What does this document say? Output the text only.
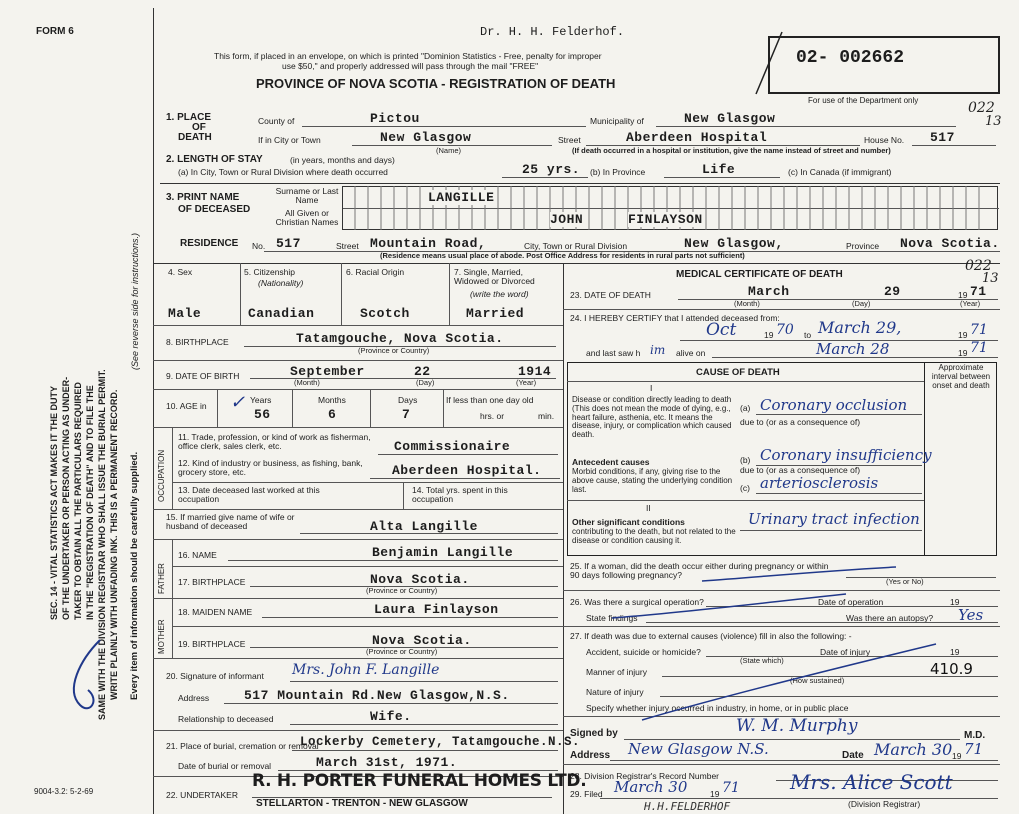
FORM 6
9004-3.2: 5-2-69
SEC. 14 - VITAL STATISTICS ACT MAKES IT THE DUTY OF THE UNDERTAKER OR PERSON ACTING AS UNDER- TAKER TO OBTAIN ALL THE PARTICULARS REQUIRED IN THE "REGISTRATION OF DEATH" AND TO FILE THE SAME WITH THE DIVISION REGISTRAR WHO SHALL ISSUE THE BURIAL PERMIT. WRITE PLAINLY WITH UNFADING INK. THIS IS A PERMANENT RECORD. Every item of information should be carefully supplied.
(See reverse side for instructions.)
Dr. H. H. Felderhof.
This form, if placed in an envelope, on which is printed "Dominion Statistics - Free, penalty for improper
use $50," and properly addressed will pass through the mail "FREE"
PROVINCE OF NOVA SCOTIA - REGISTRATION OF DEATH
02- 002662
For use of the Department only	022
13
1. PLACE
OF
DEATH
County of	Pictou	Municipality of	New Glasgow
If in City or Town	New Glasgow
(Name)
Street	Aberdeen Hospital	House No. 517
(If death occurred in a hospital or institution, give the name instead of street and number)
2. LENGTH OF STAY	(in years, months and days)
(a) In City, Town or Rural Division where death occurred	25 yrs. (b) In Province	Life	(c) In Canada (if immigrant)
3. PRINT NAME
OF DECEASED
Surname or Last Name
All Given or Christian Names
LANGILLE
JOHN	FINLAYSON
RESIDENCE No. 517	Street Mountain Road,	City, Town or Rural Division	New Glasgow,	Province Nova Scotia.
(Residence means usual place of abode. Post Office Address for residents in rural parts not sufficient)
4. Sex	5. Citizenship
(Nationality)
6. Racial Origin	7. Single, Married, Widowed or Divorced
(write the word)
Male	Canadian	Scotch	Married
8. BIRTHPLACE	Tatamgouche, Nova Scotia.
(Province or Country)
9. DATE OF BIRTH	September	22	1914
(Month)	(Day)	(Year)
10. AGE in
Years	Months	Days
✓
56	6	7
If less than one day old
hrs. or	min.
OCCUPATION
11. Trade, profession, or kind of work as fisherman, office clerk, sales clerk, etc.	Commissionaire
12. Kind of industry or business, as fishing, bank, grocery store, etc.	Aberdeen Hospital.
13. Date deceased last worked at this occupation
14. Total yrs. spent in this occupation
15. If married give name of wife or husband of deceased	Alta Langille
FATHER
16. NAME	Benjamin Langille
17. BIRTHPLACE	Nova Scotia.
(Province or Country)
MOTHER
18. MAIDEN NAME	Laura Finlayson
19. BIRTHPLACE	Nova Scotia.
(Province or Country)
20. Signature of informant Mrs. John F. Langille
Address	517 Mountain Rd.New Glasgow,N.S.
Relationship to deceased	Wife.
21. Place of burial, cremation or removal
Lockerby Cemetery, Tatamgouche.N.S.
Date of burial or removal	March 31st, 1971.
22. UNDERTAKER
R. H. PORTER FUNERAL HOMES LTD.
STELLARTON - TRENTON - NEW GLASGOW
MEDICAL CERTIFICATE OF DEATH
022
13
23. DATE OF DEATH	March	29	19 71
(Month)	(Day)	(Year)
24. I HEREBY CERTIFY that I attended deceased from:
Oct	19 70 to March 29,	19 71
and last saw h im alive on	March 28	19 71
CAUSE OF DEATH	Approximate interval between onset and death
I
Disease or condition directly leading to death (This does not mean the mode of dying, e.g., heart failure, asthenia, etc. It means the disease, injury, or complication which caused death.
(a) Coronary occlusion
due to (or as a consequence of)
Antecedent causes
Morbid conditions, if any, giving rise to the above cause, stating the underlying condition last.
(b) Coronary insufficiency
due to (or as a consequence of)
(c) arteriosclerosis
II
Other significant conditions
contributing to the death, but not related to the disease or condition causing it.
Urinary tract infection
25. If a woman, did the death occur either during pregnancy or within 90 days following pregnancy?
(Yes or No)
26. Was there a surgical operation?	Date of operation	19
State findings	Was there an autopsy? Yes
27. If death was due to external causes (violence) fill in also the following: -
Accident, suicide or homicide?	Date of injury	19
(State which)
Manner of injury
(How sustained)
410.9
Nature of injury
Specify whether injury occurred in industry, in home, or in public place
Signed by	W. M. Murphy	M.D.
Address New Glasgow N.S.	Date March 30 19 71
28. Division Registrar's Record Number
29. Filed March 30	19 71	Mrs. Alice Scott
(Division Registrar)
H.H.FELDERHOF
